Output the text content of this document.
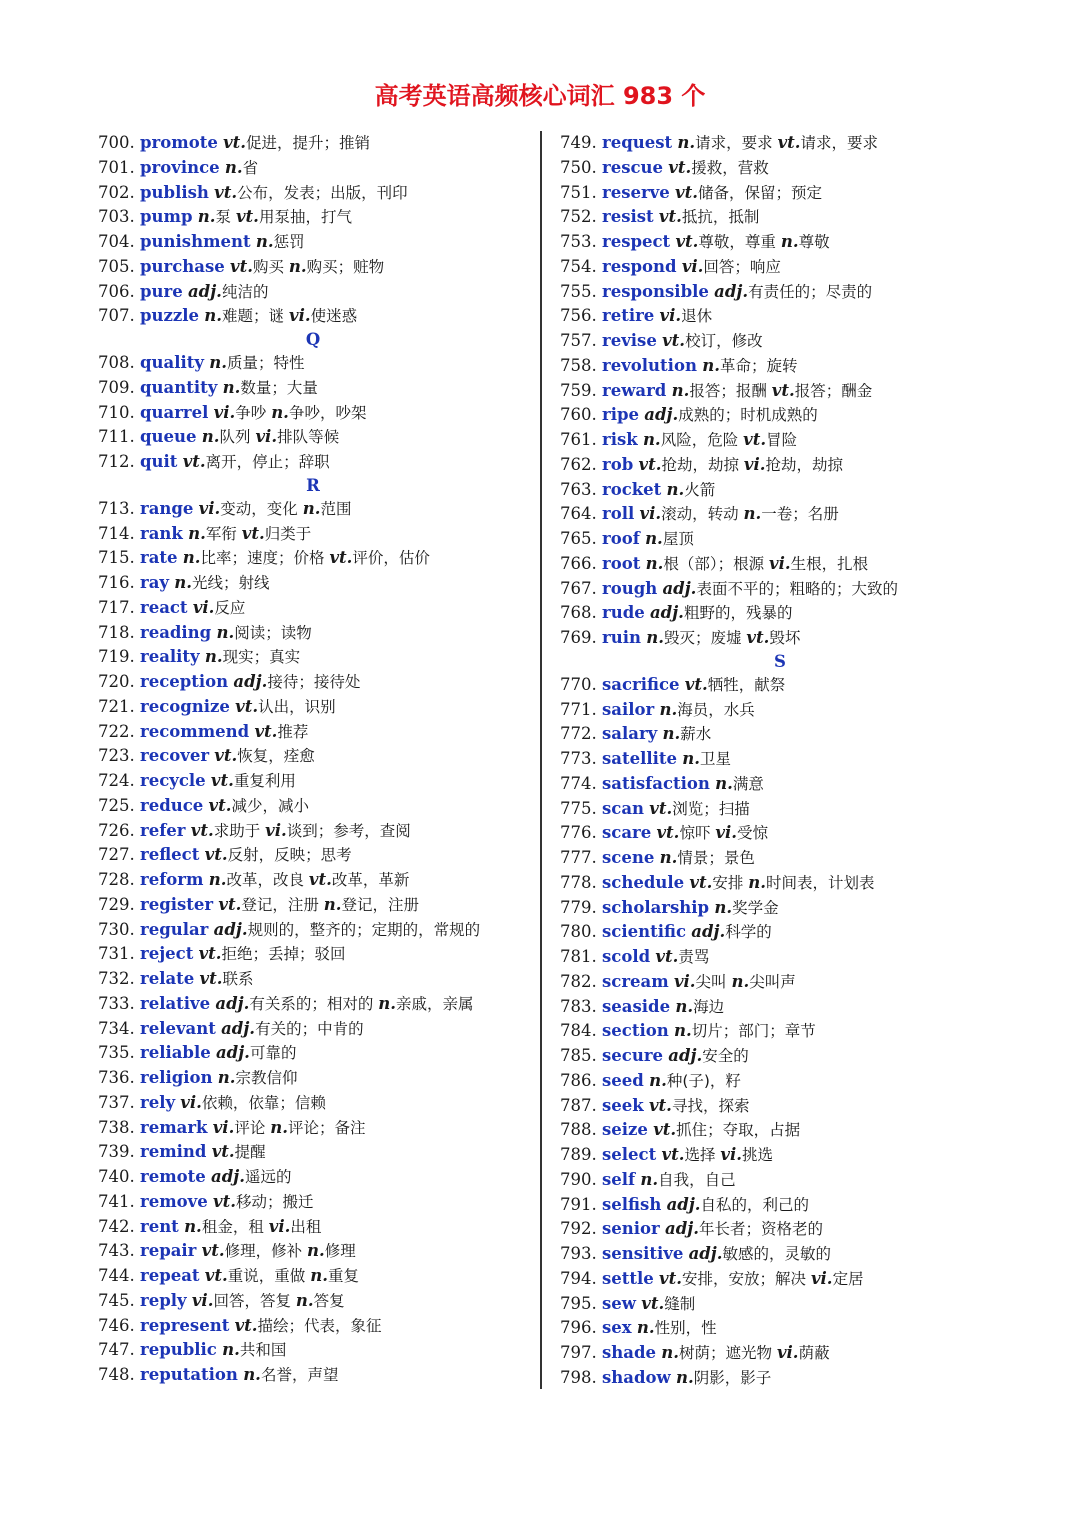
高考英语高频核心词汇 983 个
700. promote vt.促进，提升；推销
701. province n.省
702. publish vt.公布，发表；出版，刊印
703. pump n.泵 vt.用泵抽，打气
704. punishment n.惩罚
705. purchase vt.购买 n.购买；赃物
706. pure adj.纯洁的
707. puzzle n.难题；谜 vi.使迷惑
Q
708. quality n.质量；特性
709. quantity n.数量；大量
710. quarrel vi.争吵 n.争吵，吵架
711. queue n.队列 vi.排队等候
712. quit vt.离开，停止；辞职
R
713. range vi.变动，变化 n.范围
714. rank n.军衔 vt.归类于
715. rate n.比率；速度；价格 vt.评价，估价
716. ray n.光线；射线
717. react vi.反应
718. reading n.阅读；读物
719. reality n.现实；真实
720. reception adj.接待；接待处
721. recognize vt.认出，识别
722. recommend vt.推荐
723. recover vt.恢复，痊愈
724. recycle vt.重复利用
725. reduce vt.减少，减小
726. refer vt.求助于 vi.谈到；参考，查阅
727. reflect vt.反射，反映；思考
728. reform n.改革，改良 vt.改革，革新
729. register vt.登记，注册 n.登记，注册
730. regular adj.规则的，整齐的；定期的，常规的
731. reject vt.拒绝；丢掉；驳回
732. relate vt.联系
733. relative adj.有关系的；相对的 n.亲戚，亲属
734. relevant adj.有关的；中肯的
735. reliable adj.可靠的
736. religion n.宗教信仰
737. rely vi.依赖，依靠；信赖
738. remark vi.评论 n.评论；备注
739. remind vt.提醒
740. remote adj.遥远的
741. remove vt.移动；搬迁
742. rent n.租金，租 vi.出租
743. repair vt.修理，修补 n.修理
744. repeat vt.重说，重做 n.重复
745. reply vi.回答，答复 n.答复
746. represent vt.描绘；代表，象征
747. republic n.共和国
748. reputation n.名誉，声望
749. request n.请求，要求 vt.请求，要求
750. rescue vt.援救，营救
751. reserve vt.储备，保留；预定
752. resist vt.抵抗，抵制
753. respect vt.尊敬，尊重 n.尊敬
754. respond vi.回答；响应
755. responsible adj.有责任的；尽责的
756. retire vi.退休
757. revise vt.校订，修改
758. revolution n.革命；旋转
759. reward n.报答；报酬 vt.报答；酬金
760. ripe adj.成熟的；时机成熟的
761. risk n.风险，危险 vt.冒险
762. rob vt.抢劫，劫掠 vi.抢劫，劫掠
763. rocket n.火箭
764. roll vi.滚动，转动 n.一卷；名册
765. roof n.屋顶
766. root n.根（部）；根源 vi.生根，扎根
767. rough adj.表面不平的；粗略的；大致的
768. rude adj.粗野的，残暴的
769. ruin n.毁灭；废墟 vt.毁坏
S
770. sacrifice vt.牺牲，献祭
771. sailor n.海员，水兵
772. salary n.薪水
773. satellite n.卫星
774. satisfaction n.满意
775. scan vt.浏览；扫描
776. scare vt.惊吓 vi.受惊
777. scene n.情景；景色
778. schedule vt.安排 n.时间表，计划表
779. scholarship n.奖学金
780. scientific adj.科学的
781. scold vt.责骂
782. scream vi.尖叫 n.尖叫声
783. seaside n.海边
784. section n.切片；部门；章节
785. secure adj.安全的
786. seed n.种(子)，籽
787. seek vt.寻找，探索
788. seize vt.抓住；夺取，占据
789. select vt.选择 vi.挑选
790. self n.自我，自己
791. selfish adj.自私的，利己的
792. senior adj.年长者；资格老的
793. sensitive adj.敏感的，灵敏的
794. settle vt.安排，安放；解决 vi.定居
795. sew vt.缝制
796. sex n.性别，性
797. shade n.树荫；遮光物 vi.荫蔽
798. shadow n.阴影，影子
